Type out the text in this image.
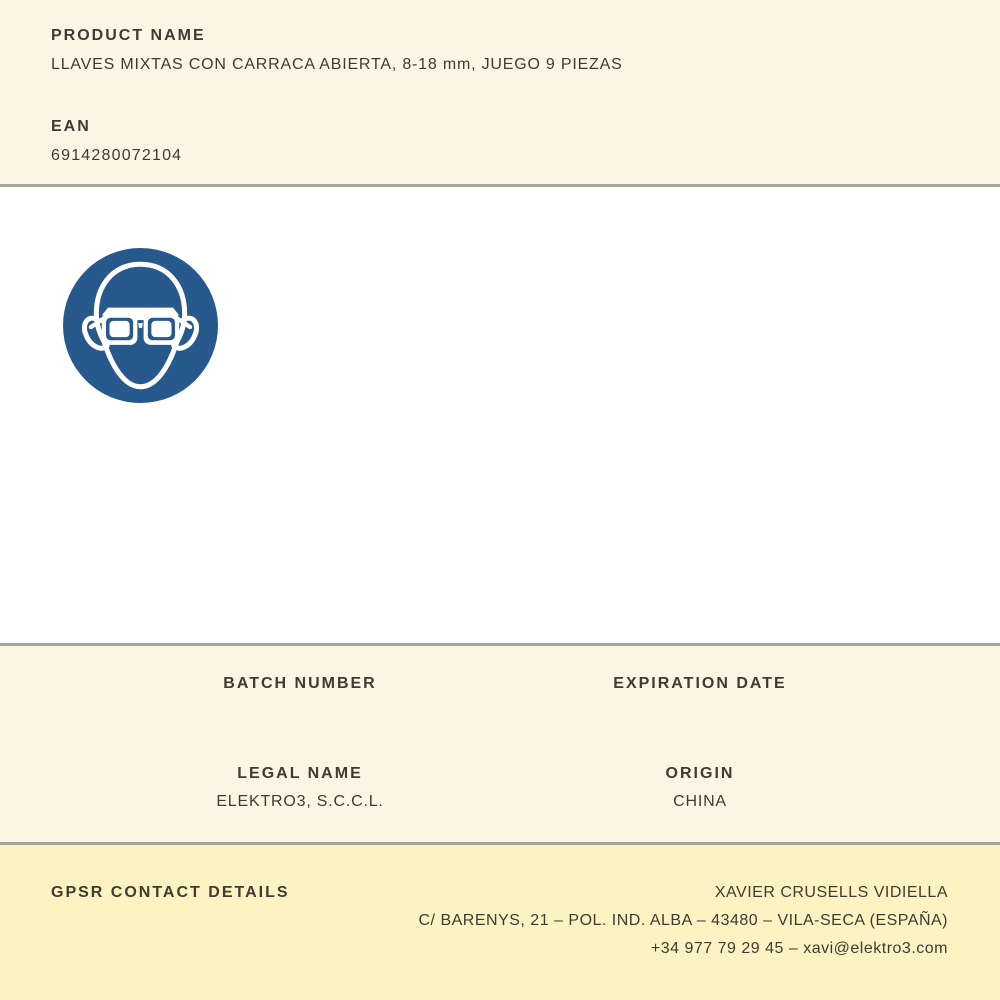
PRODUCT NAME
LLAVES MIXTAS CON CARRACA ABIERTA, 8-18 mm, JUEGO 9 PIEZAS
EAN
6914280072104
BATCH NUMBER	EXPIRATION DATE
LEGAL NAME
ELEKTRO3, S.C.C.L.
ORIGIN
CHINA
GPSR CONTACT DETAILS	XAVIER CRUSELLS VIDIELLA
C/ BARENYS, 21 – POL. IND. ALBA – 43480 – VILA-SECA (ESPAÑA)
+34 977 79 29 45 – xavi@elektro3.com
